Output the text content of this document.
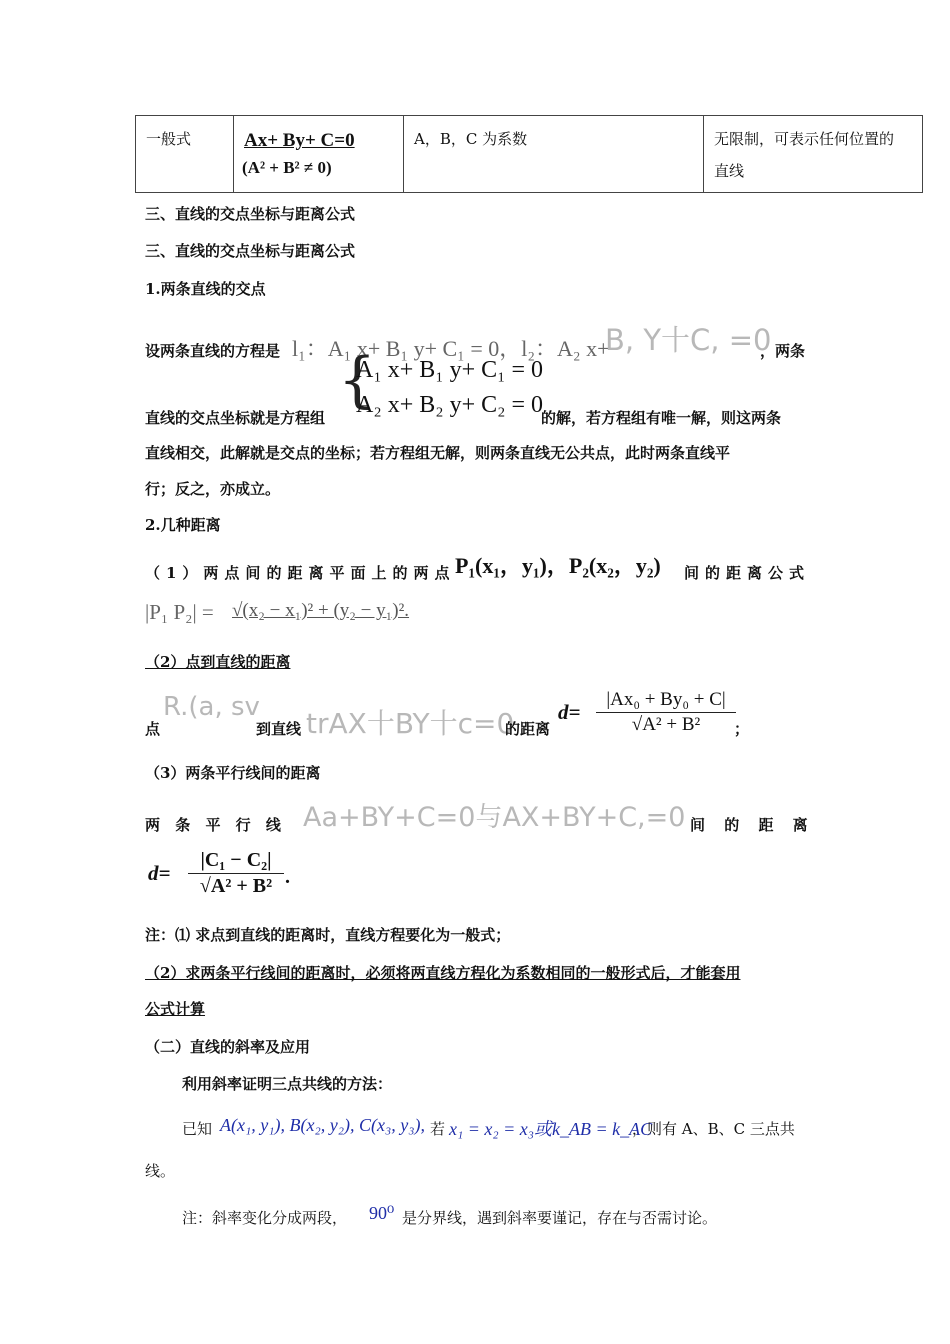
一般式	Ax+ By+ C=0
(A² + B² ≠ 0)
A，B，C 为系数	无限制，可表示任何位置的
直线
三、直线的交点坐标与距离公式
三、直线的交点坐标与距离公式
1.两条直线的交点
设两条直线的方程是 l₁：A₁ x+ B₁ y+ C₁ = 0，l₂：A₂ x+
B, Y十C, =0
，两条
直线的交点坐标就是方程组
{
A₁ x+ B₁ y+ C₁ = 0
A₂ x+ B₂ y+ C₂ = 0
的解，若方程组有唯一解，则这两条
直线相交，此解就是交点的坐标；若方程组无解，则两条直线无公共点，此时两条直线平
行；反之，亦成立。
2.几种距离
（1）两点间的距离平面上的两点 P₁(x₁，y₁)，P₂(x₂，y₂) 间的距离公式
|P₁ P₂| = √(x₂ − x₁)² + (y₂ − y₁)².
（2）点到直线的距离
点
R.(a, sv
到直线 trAX十BY十c=0
的距离
d=
|Ax₀ + By₀ + C|
√A² + B²	；
（3）两条平行线间的距离
两 条 平 行 线 Aa+BY+C=0与AX+BY+C,=0 间 的 距 离
d=
|C₁ − C₂|
√A² + B² .
注：⑴ 求点到直线的距离时，直线方程要化为一般式；
（2）求两条平行线间的距离时，必须将两直线方程化为系数相同的一般形式后，才能套用
公式计算
（二）直线的斜率及应用
利用斜率证明三点共线的方法：
已知 A(x₁, y₁), B(x₂, y₂), C(x₃, y₃), 若 x₁ = x₂ = x₃或k_AB = k_AC
，则有 A、B、C 三点共
线。
注：斜率变化分成两段， 90⁰ 是分界线，遇到斜率要谨记，存在与否需讨论。
